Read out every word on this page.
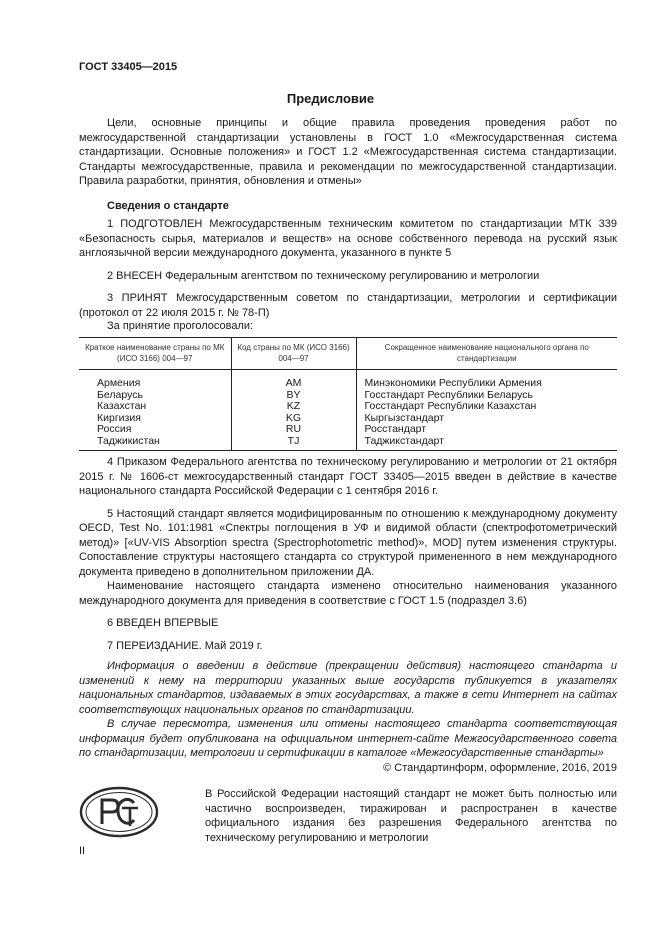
ГОСТ 33405—2015
Предисловие

Цели, основные принципы и общие правила проведения проведения работ по межгосударственной стандартизации установлены в ГОСТ 1.0 «Межгосударственная система стандартизации. Основные положения» и ГОСТ 1.2 «Межгосударственная система стандартизации. Стандарты межгосударственные, правила и рекомендации по межгосударственной стандартизации. Правила разработки, принятия, обновления и отмены»

Сведения о стандарте

1 ПОДГОТОВЛЕН Межгосударственным техническим комитетом по стандартизации МТК 339 «Безопасность сырья, материалов и веществ» на основе собственного перевода на русский язык англоязычной версии международного документа, указанного в пункте 5

2 ВНЕСЕН Федеральным агентством по техническому регулированию и метрологии

3 ПРИНЯТ Межгосударственным советом по стандартизации, метрологии и сертификации (протокол от 22 июля 2015 г. № 78-П)

За принятие проголосовали:
Краткое наименование страны по МК (ИСО 3166) 004—97	Код страны по МК (ИСО 3166) 004—97	Сокращенное наименование национального органа по стандартизации
Армения	AM	Минэкономики Республики Армения
Беларусь	BY	Госстандарт Республики Беларусь
Казахстан	KZ	Госстандарт Республики Казахстан
Киргизия	KG	Кыргызстандарт
Россия	RU	Росстандарт
Таджикистан	TJ	Таджикстандарт

4 Приказом Федерального агентства по техническому регулированию и метрологии от 21 октября 2015 г. № 1606-ст межгосударственный стандарт ГОСТ 33405—2015 введен в действие в качестве национального стандарта Российской Федерации с 1 сентября 2016 г.

5 Настоящий стандарт является модифицированным по отношению к международному документу OECD, Test No. 101:1981 «Спектры поглощения в УФ и видимой области (спектрофотометрический метод)» [«UV-VIS Absorption spectra (Spectrophotometric method)», MOD] путем изменения структуры. Сопоставление структуры настоящего стандарта со структурой примененного в нем международного документа приведено в дополнительном приложении ДА.

Наименование настоящего стандарта изменено относительно наименования указанного международного документа для приведения в соответствие с ГОСТ 1.5 (подраздел 3.6)

6 ВВЕДЕН ВПЕРВЫЕ

7 ПЕРЕИЗДАНИЕ. Май 2019 г.

Информация о введении в действие (прекращении действия) настоящего стандарта и изменений к нему на территории указанных выше государств публикуется в указателях национальных стандартов, издаваемых в этих государствах, а также в сети Интернет на сайтах соответствующих национальных органов по стандартизации.

В случае пересмотра, изменения или отмены настоящего стандарта соответствующая информация будет опубликована на официальном интернет-сайте Межгосударственного совета по стандартизации, метрологии и сертификации в каталоге «Межгосударственные стандарты»

© Стандартинформ, оформление, 2016, 2019
РСТ
В Российской Федерации настоящий стандарт не может быть полностью или частично воспроизведен, тиражирован и распространен в качестве официального издания без разрешения Федерального агентства по техническому регулированию и метрологии
II
